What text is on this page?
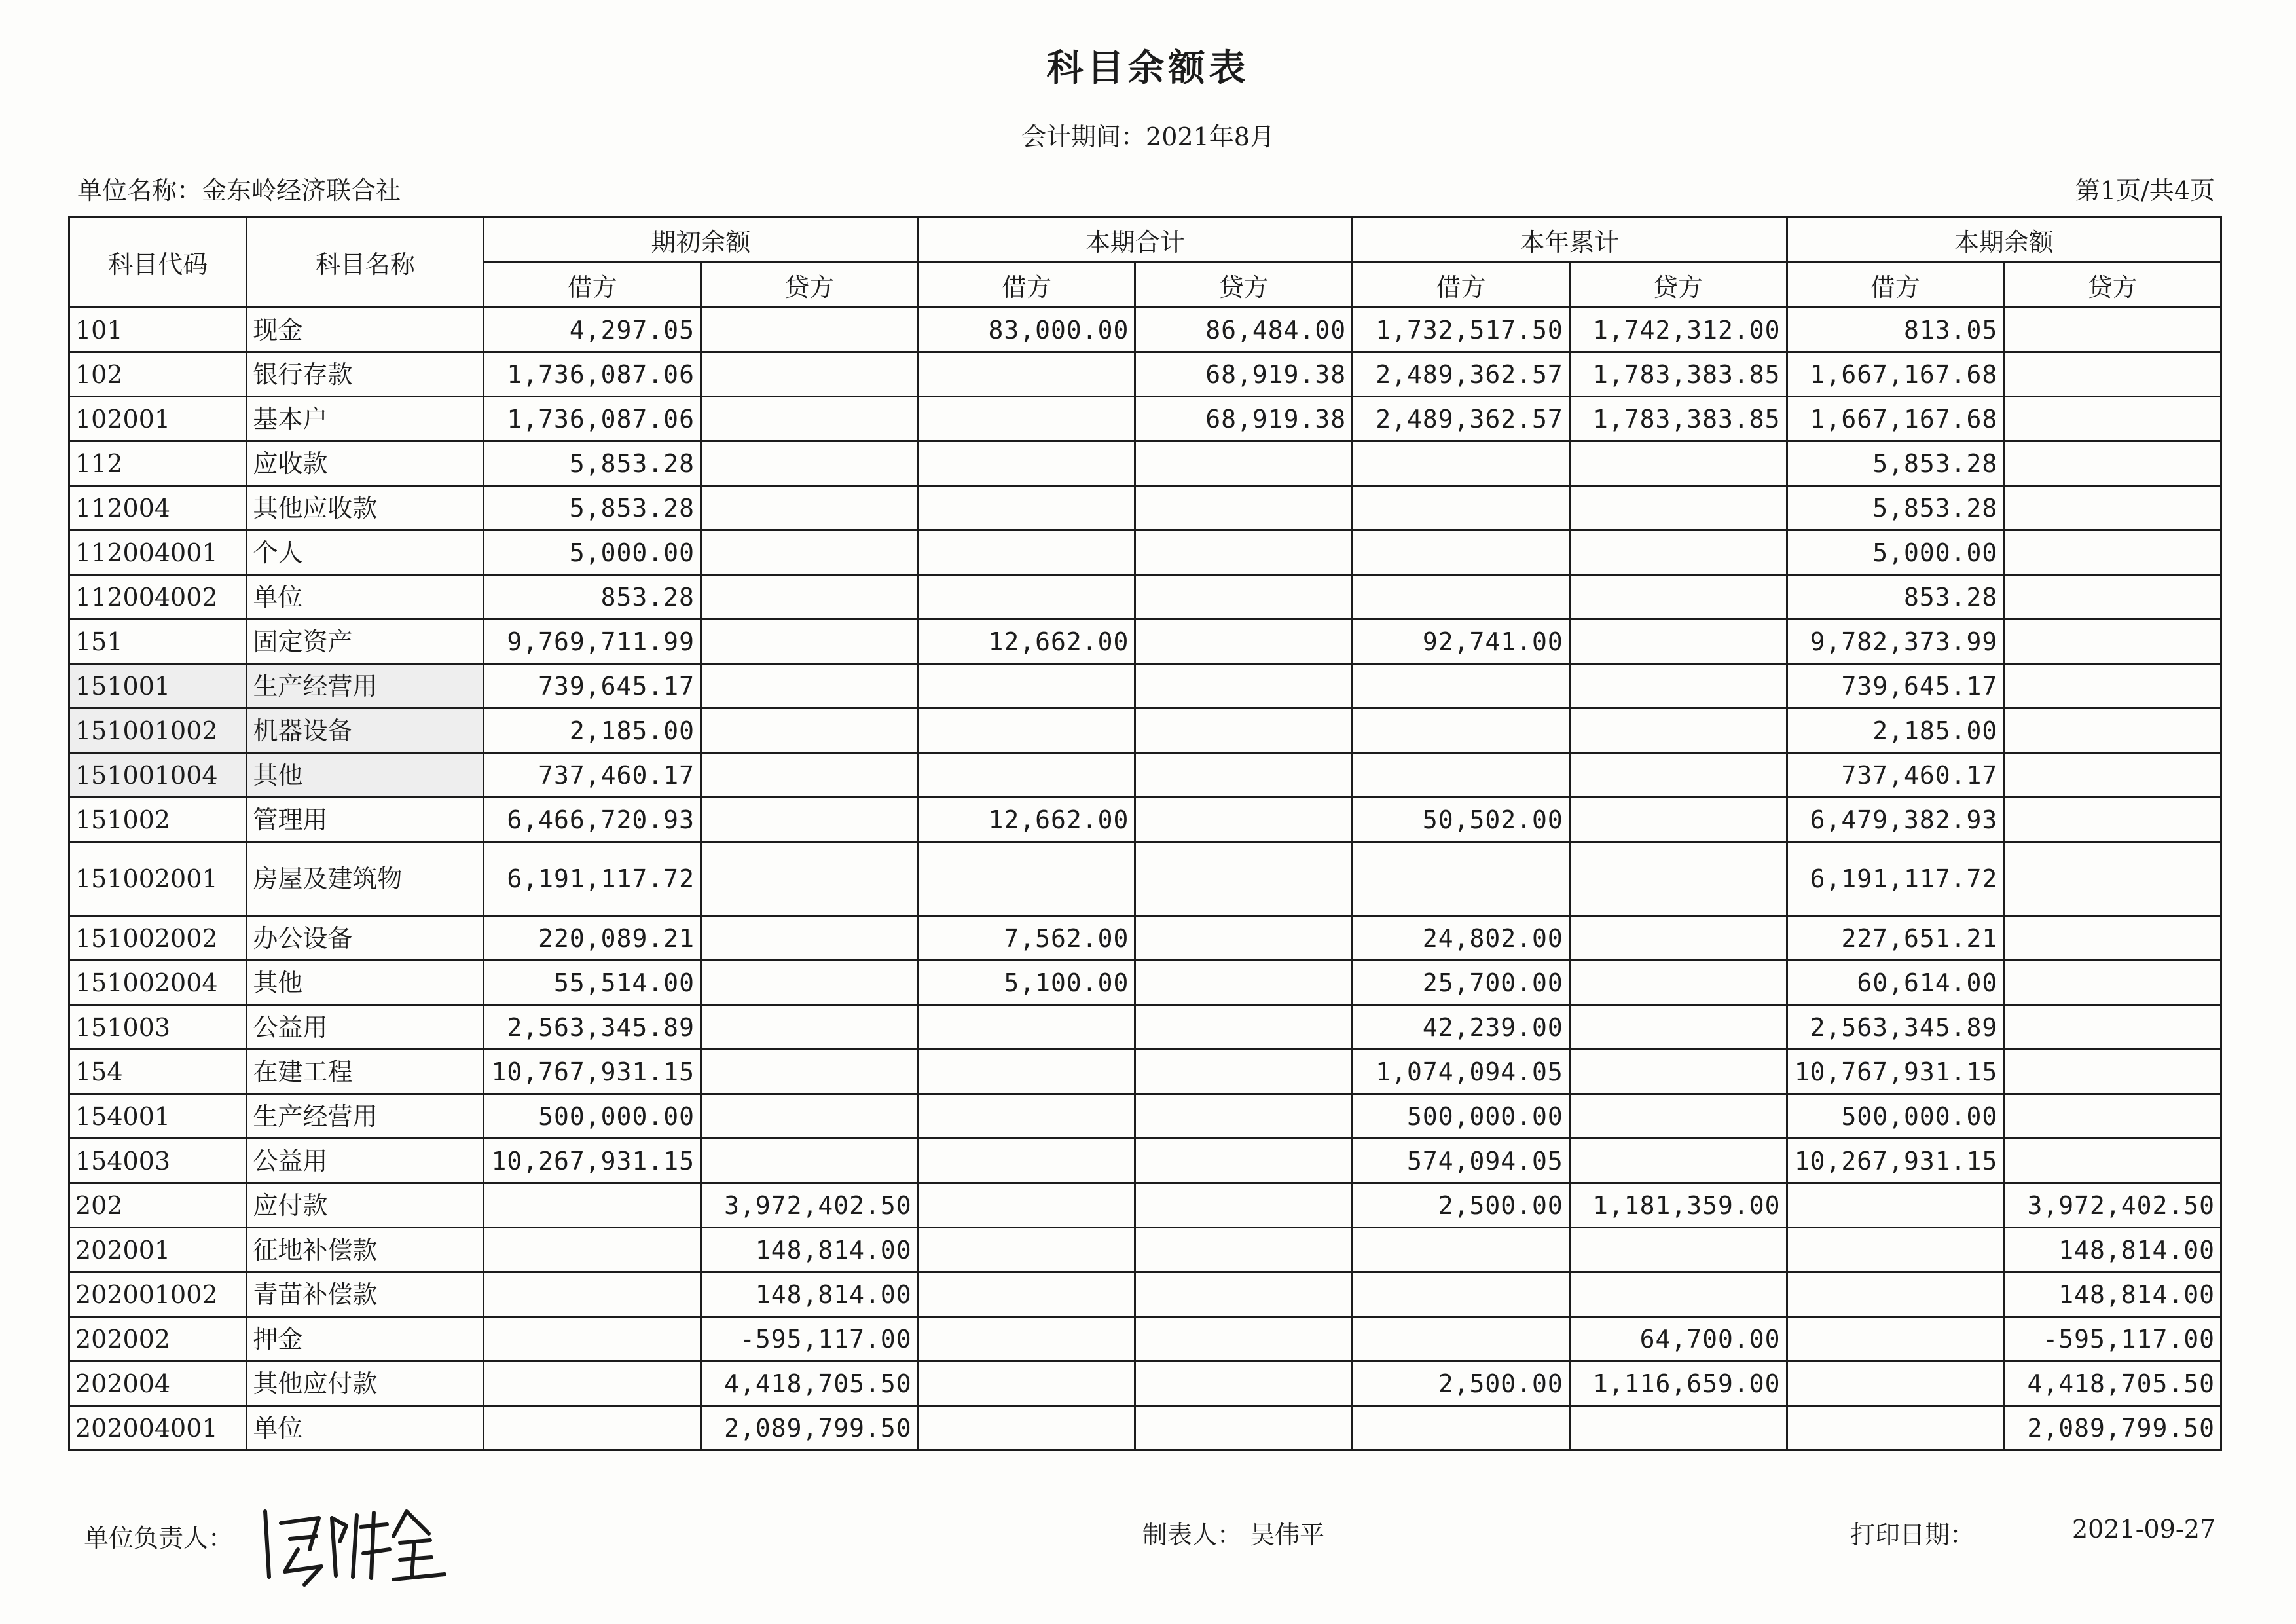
科目余额表
会计期间：2021年8月
单位名称：金东岭经济联合社	第1页/共4页
科目代码	科目名称	期初余额		本期合计		本年累计		本期余额	
		借方	贷方	借方	贷方	借方	贷方	借方	贷方
101	现金	4,297.05		83,000.00	86,484.00	1,732,517.50	1,742,312.00	813.05	
102	银行存款	1,736,087.06			68,919.38	2,489,362.57	1,783,383.85	1,667,167.68	
102001	基本户	1,736,087.06			68,919.38	2,489,362.57	1,783,383.85	1,667,167.68	
112	应收款	5,853.28						5,853.28	
112004	其他应收款	5,853.28						5,853.28	
112004001	个人	5,000.00						5,000.00	
112004002	单位	853.28						853.28	
151	固定资产	9,769,711.99		12,662.00		92,741.00		9,782,373.99	
151001	生产经营用	739,645.17						739,645.17	
151001002	机器设备	2,185.00						2,185.00	
151001004	其他	737,460.17						737,460.17	
151002	管理用	6,466,720.93		12,662.00		50,502.00		6,479,382.93	
151002001	房屋及建筑物	6,191,117.72						6,191,117.72	
151002002	办公设备	220,089.21		7,562.00		24,802.00		227,651.21	
151002004	其他	55,514.00		5,100.00		25,700.00		60,614.00	
151003	公益用	2,563,345.89				42,239.00		2,563,345.89	
154	在建工程	10,767,931.15				1,074,094.05		10,767,931.15	
154001	生产经营用	500,000.00				500,000.00		500,000.00	
154003	公益用	10,267,931.15				574,094.05		10,267,931.15	
202	应付款		3,972,402.50			2,500.00	1,181,359.00		3,972,402.50
202001	征地补偿款		148,814.00						148,814.00
202001002	青苗补偿款		148,814.00						148,814.00
202002	押金		-595,117.00				64,700.00		-595,117.00
202004	其他应付款		4,418,705.50			2,500.00	1,116,659.00		4,418,705.50
202004001	单位		2,089,799.50						2,089,799.50
单位负责人：	制表人： 吴伟平	打印日期：	2021-09-27
